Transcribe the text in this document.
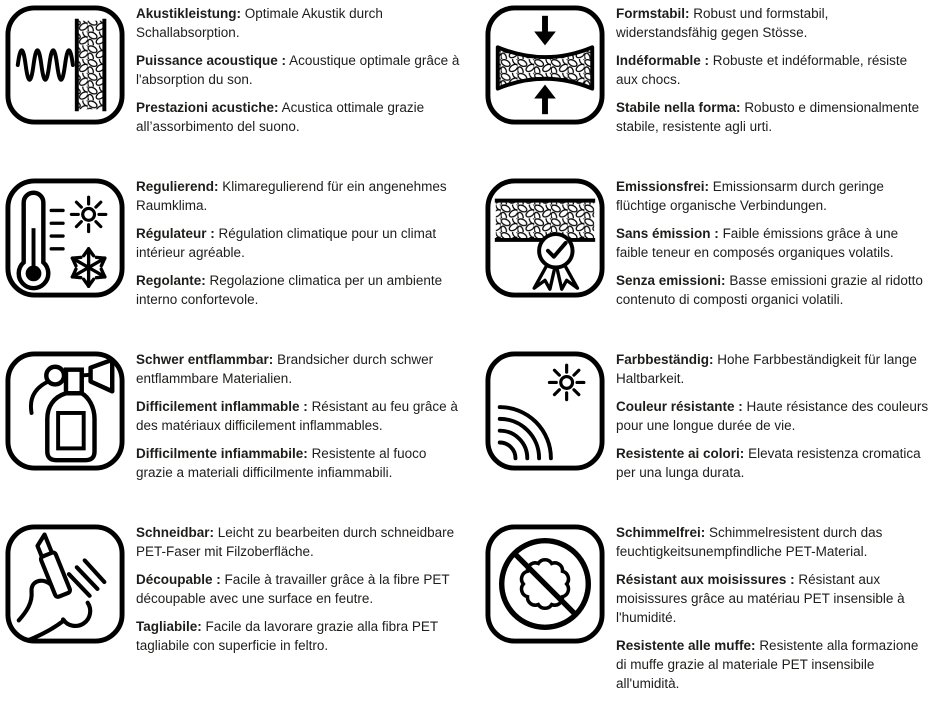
Akustikleistung: Optimale Akustik durch Schallabsorption.

Puissance acoustique : Acoustique optimale grâce à l'absorption du son.

Prestazioni acustiche: Acustica ottimale grazie all’assorbimento del suono.

Formstabil: Robust und formstabil, widerstandsfähig gegen Stösse.

Indéformable : Robuste et indéformable, résiste aux chocs.

Stabile nella forma: Robusto e dimensionalmente stabile, resistente agli urti.

Regulierend: Klimaregulierend für ein angenehmes Raumklima.

Régulateur : Régulation climatique pour un climat intérieur agréable.

Regolante: Regolazione climatica per un ambiente interno confortevole.

Emissionsfrei: Emissionsarm durch geringe flüchtige organische Verbindungen.

Sans émission : Faible émissions grâce à une faible teneur en composés organiques volatils.

Senza emissioni: Basse emissioni grazie al ridotto contenuto di composti organici volatili.

Schwer entflammbar: Brandsicher durch schwer entflammbare Materialien.

Difficilement inflammable : Résistant au feu grâce à des matériaux difficilement inflammables.

Difficilmente infiammabile: Resistente al fuoco grazie a materiali difficilmente infiammabili.

Farbbeständig: Hohe Farbbeständigkeit für lange Haltbarkeit.

Couleur résistante : Haute résistance des couleurs pour une longue durée de vie.

Resistente ai colori: Elevata resistenza cromatica per una lunga durata.

Schneidbar: Leicht zu bearbeiten durch schneidbare PET-Faser mit Filzoberfläche.

Découpable : Facile à travailler grâce à la fibre PET découpable avec une surface en feutre.

Tagliabile: Facile da lavorare grazie alla fibra PET tagliabile con superficie in feltro.

Schimmelfrei: Schimmelresistent durch das feuchtigkeitsunempfindliche PET-Material.

Résistant aux moisissures : Résistant aux moisissures grâce au matériau PET insensible à l'humidité.

Resistente alle muffe: Resistente alla formazione di muffe grazie al materiale PET insensibile all'umidità.
